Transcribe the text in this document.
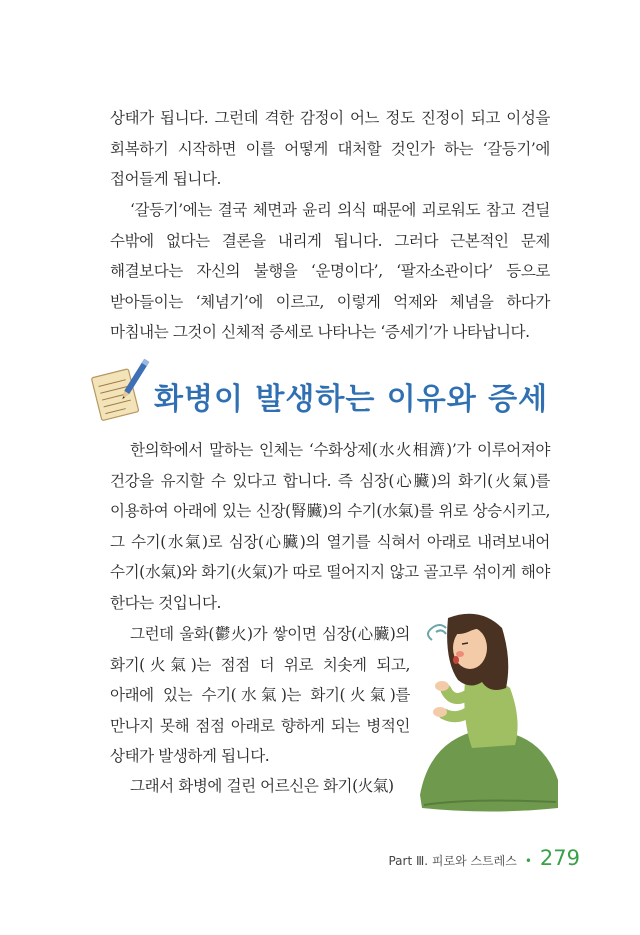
상태가 됩니다. 그런데 격한 감정이 어느 정도 진정이 되고 이성을 회복하기 시작하면 이를 어떻게 대처할 것인가 하는 ‘갈등기’에 접어들게 됩니다.

‘갈등기’에는 결국 체면과 윤리 의식 때문에 괴로워도 참고 견딜 수밖에 없다는 결론을 내리게 됩니다. 그러다 근본적인 문제 해결보다는 자신의 불행을 ‘운명이다’, ‘팔자소관이다’ 등으로 받아들이는 ‘체념기’에 이르고, 이렇게 억제와 체념을 하다가 마침내는 그것이 신체적 증세로 나타나는 ‘증세기’가 나타납니다.

화병이 발생하는 이유와 증세

한의학에서 말하는 인체는 ‘수화상제(水火相濟)’가 이루어져야 건강을 유지할 수 있다고 합니다. 즉 심장(心臟)의 화기(火氣)를 이용하여 아래에 있는 신장(腎臟)의 수기(水氣)를 위로 상승시키고, 그 수기(水氣)로 심장(心臟)의 열기를 식혀서 아래로 내려보내어 수기(水氣)와 화기(火氣)가 따로 떨어지지 않고 골고루 섞이게 해야 한다는 것입니다.

그런데 울화(鬱火)가 쌓이면 심장(心臟)의 화기(火氣)는 점점 더 위로 치솟게 되고, 아래에 있는 수기(水氣)는 화기(火氣)를 만나지 못해 점점 아래로 향하게 되는 병적인 상태가 발생하게 됩니다.

그래서 화병에 걸린 어르신은 화기(火氣)

Part Ⅲ. 피로와 스트레스 • 279
